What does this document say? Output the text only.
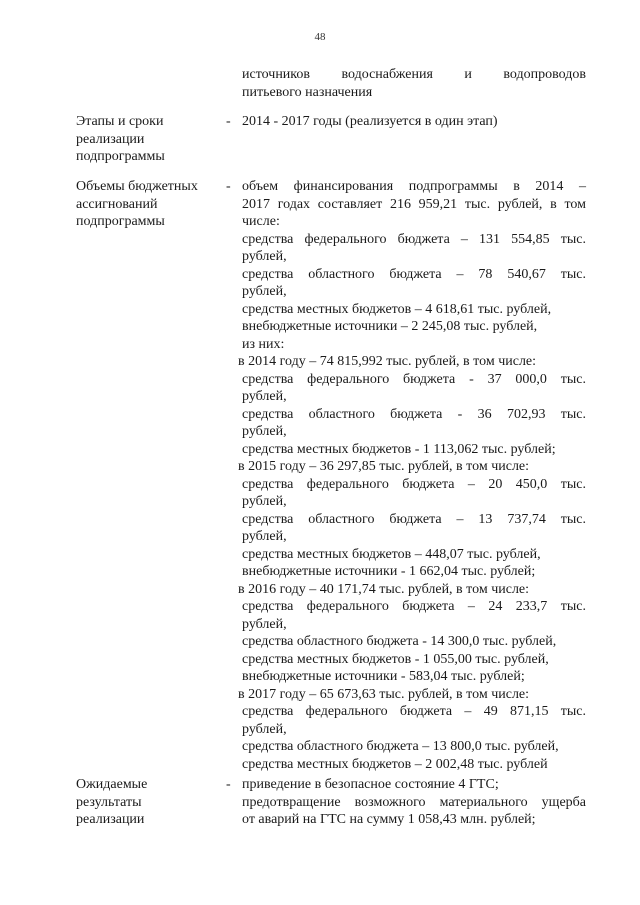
48
источников водоснабжения и водопроводов
питьевого назначения
Этапы и сроки
реализации
подпрограммы
- 2014 - 2017 годы (реализуется в один этап)
Объемы бюджетных
ассигнований
подпрограммы
- объем финансирования подпрограммы в 2014 –
2017 годах составляет 216 959,21 тыс. рублей, в том
числе:
средства федерального бюджета – 131 554,85 тыс.
рублей,
средства областного бюджета – 78 540,67 тыс.
рублей,
средства местных бюджетов – 4 618,61 тыс. рублей,
внебюджетные источники – 2 245,08 тыс. рублей,
из них:
в 2014 году – 74 815,992 тыс. рублей, в том числе:
средства федерального бюджета - 37 000,0 тыс.
рублей,
средства областного бюджета - 36 702,93 тыс.
рублей,
средства местных бюджетов - 1 113,062 тыс. рублей;
в 2015 году – 36 297,85 тыс. рублей, в том числе:
средства федерального бюджета – 20 450,0 тыс.
рублей,
средства областного бюджета – 13 737,74 тыс.
рублей,
средства местных бюджетов – 448,07 тыс. рублей,
внебюджетные источники - 1 662,04 тыс. рублей;
в 2016 году – 40 171,74 тыс. рублей, в том числе:
средства федерального бюджета – 24 233,7 тыс.
рублей,
средства областного бюджета - 14 300,0 тыс. рублей,
средства местных бюджетов - 1 055,00 тыс. рублей,
внебюджетные источники - 583,04 тыс. рублей;
в 2017 году – 65 673,63 тыс. рублей, в том числе:
средства федерального бюджета – 49 871,15 тыс.
рублей,
средства областного бюджета – 13 800,0 тыс. рублей,
средства местных бюджетов – 2 002,48 тыс. рублей
Ожидаемые
результаты
реализации
- приведение в безопасное состояние 4 ГТС;
предотвращение возможного материального ущерба
от аварий на ГТС на сумму 1 058,43 млн. рублей;
